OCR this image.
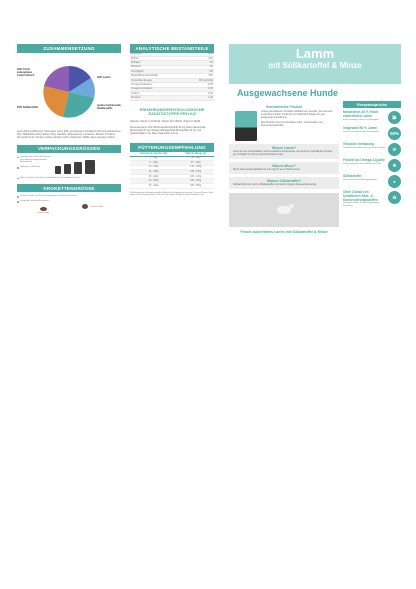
ZUSAMMENSETZUNG
30% frisch zubereitetes Lamm Fleisch
30% Lamm
andere funktionelle Inhaltsstoffe
22% Süßkartoffel
Lamm 30% (enthält frisch zubereitetes Lamm 30%, getrocknetes Lammfleisch 18% und Lammsehnen 2%), Süßkartoffel (22%), Erbsen (8%), Kartoffeln, Erbsenprotein, Leinsamen, Bierhefe (Trocken), Sonnenblumenöl, Tomaten, Spinat, Karotten, Apfel, Cranberries, Alfalfa, Algen, Seetang, Kräuter.
VERPACKUNGSGRÖSSEN
Eine Auswahl an den Bedürfnissen Ihres Hundes entsprechenden Beutelgrößen
Haltbarkeit: 18 Monate.
Bitte verschließen Sie Ihren Futterbehälter für bestmögliche Frische.
KROKETTENGRÖSSE
Optimale Größe und Form der Kroketten für erwachsene Hunde.
Knusprige Kroketten-Konsistenz.
10mm x 4mm
12mm x 10mm
ANALYTISCHE BESTANDTEILE
Rohprotein	26%
Rohfett	15%
Rohfaser	3%
Rohasche	9%
Feuchtigkeit	8%
Stickstofffreie Extraktstoffe	39%
Umsetzbare Energie	367 kcal/100g
Omega-3-Fettsäuren	0,8%
Omega-6-Fettsäuren	2,7%
Calcium	1,6%
Phosphor	1,1%
ERNÄHRUNGSPHYSIOLOGISCHE ZUSATZSTOFFE PRO KG
Vitamine: Vitamin A 15.000 IE, Vitamin D3 2.000 IE, Vitamin E 400 IE.
Spurenelemente: Zink (Zinkchelat-Monohydrat) 90 mg, Eisen (Eisenchelat-Monohydrat) 60 mg, Mangan (Manganchelat-Monohydrat) 40 mg, Jod (Calciumjodat) 2 mg, Selen (Selenhefe) 0,2 mg.
FÜTTERUNGSEMPFEHLUNG
Gewicht des Hundes (kg)	Tägliche Menge (g)
1 - 5kg	20 - 90g
5 - 10kg	90 - 145g
10 - 20kg	145 - 245g
20 - 30kg	245 - 330g
30 - 40kg	330 - 410g
40 - 50kg	410 - 480g
50 - 60kg	480 - 550g
Die Menge kann abhängig von Alter, Aktivität und Umgebung variieren. Frisches Wasser sollte immer zur Verfügung stehen. Teilen Sie die tägliche Menge auf zwei Mahlzeiten auf.
Lamm
mit Süßkartoffel & Minze
Ausgewachsene Hunde
Getreidefreies Produkt
Unsere getreidefreien Produkte enthalten kein Getreide. Sie sind reich an frischem Fleisch, kombiniert mit natürlichen Zutaten für eine ausgewogene Ernährung.
Das Produkt ist frei von künstlichen Farb-, Geschmacks- und Konservierungsstoffen.
Warum Lamm?
Lamm ist eine schmackhafte, leicht verdauliche Proteinquelle, die auch bei empfindlichen Hunden gut verträglich ist und für gesunde Muskeln sorgt.
Warum Minze?
Minze wirkt verdauungsfördernd und sorgt für einen frischen Atem.
Warum Süßkartoffel?
Süßkartoffeln sind reich an Ballaststoffen und liefern langsam freigesetzte Energie.
Frisch zubereitetes Lamm mit Süßkartoffel & Minze
Rezeptansprüche
Mindestens 30 % frisch zubereitetes Lamm
Eine hochwertige tierische Proteinquelle.
🐑
Insgesamt 50 % Lamm
Lamm als einzige tierische Proteinquelle.	50%
Gesunde Verdauung
Präbiotika unterstützen eine gesunde Darmflora.	⟳
Fischöl als Omega-3-Quelle
Für gesunde Haut und ein glänzendes Fell.	❖
Süßkartoffel
Leicht verdauliche Kohlenhydratquelle.	●
Ohne Zusatz von künstlichen Farb- & Konservierungsstoffen
Natürliche Zutaten für eine ausgewogene Ernährung.
✿
